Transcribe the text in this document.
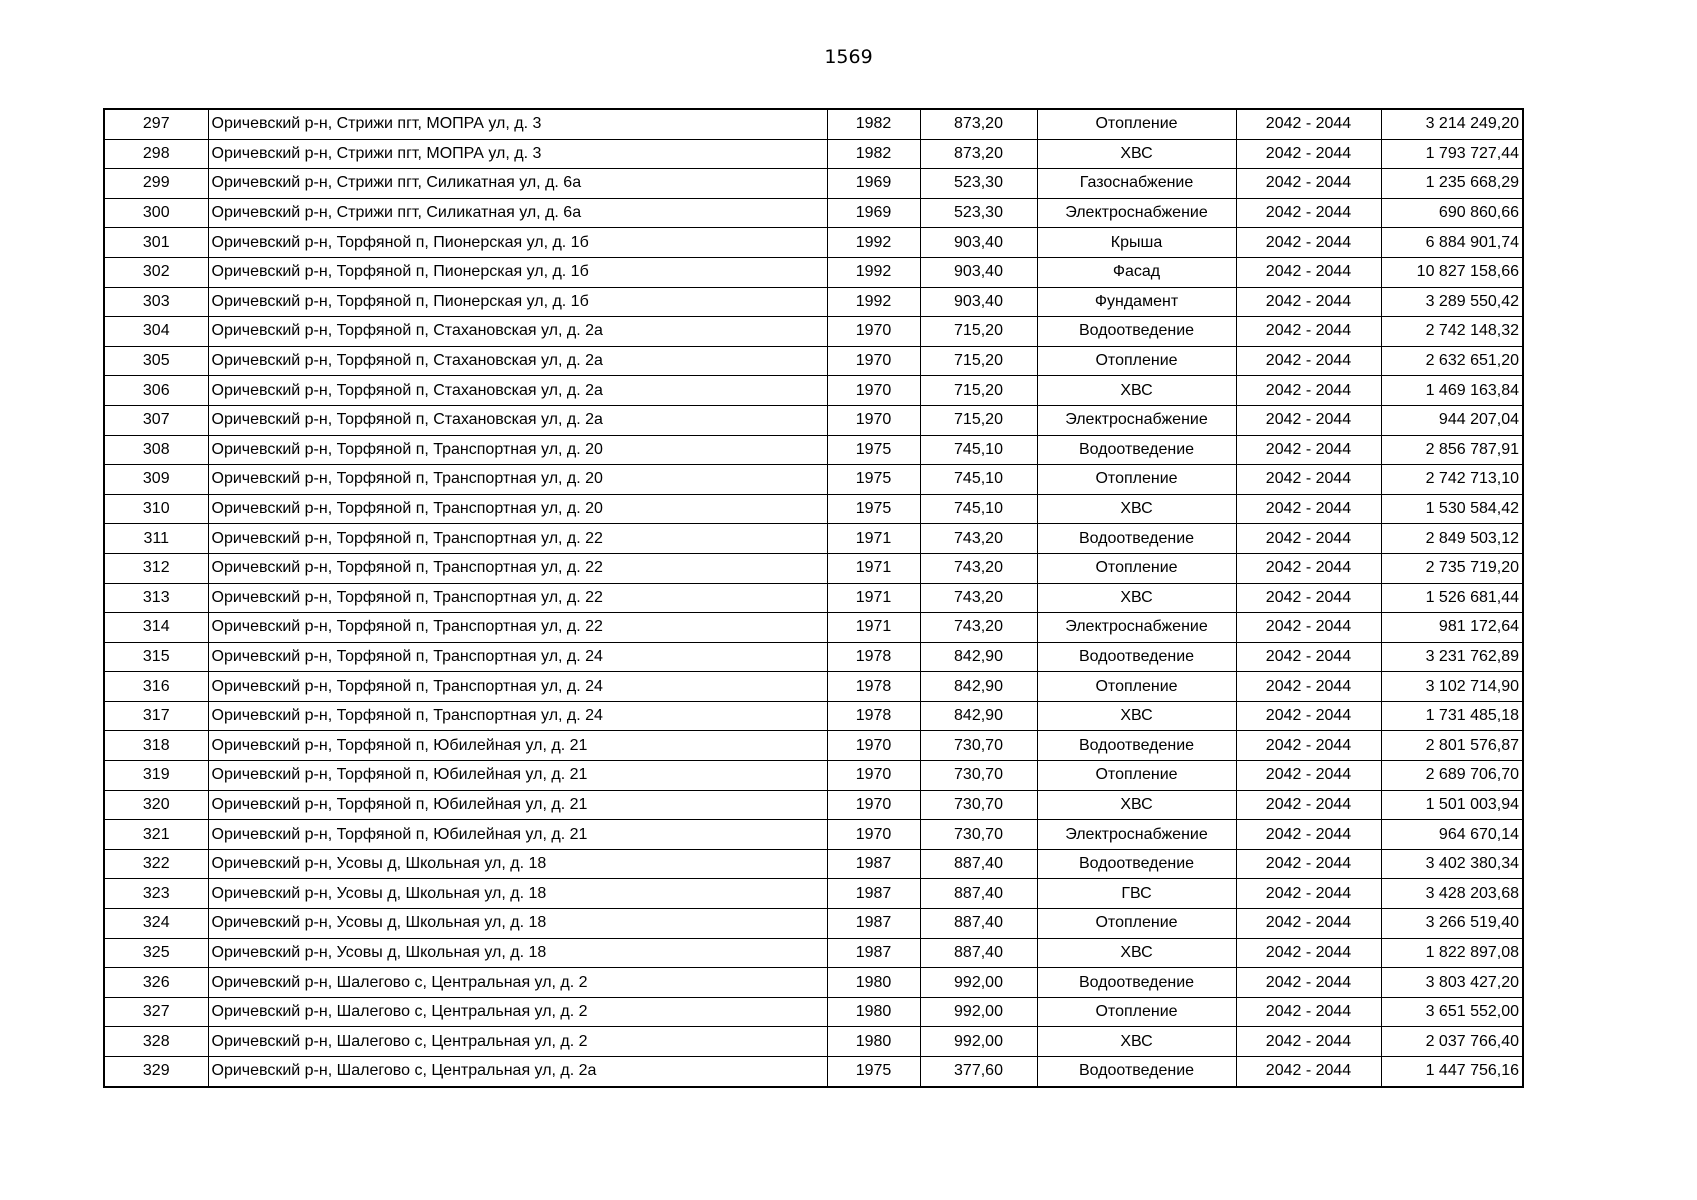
1569
297	Оричевский р-н, Стрижи пгт, МОПРА ул, д. 3	1982	873,20	Отопление	2042 - 2044	3 214 249,20
298	Оричевский р-н, Стрижи пгт, МОПРА ул, д. 3	1982	873,20	ХВС	2042 - 2044	1 793 727,44
299	Оричевский р-н, Стрижи пгт, Силикатная ул, д. 6а	1969	523,30	Газоснабжение	2042 - 2044	1 235 668,29
300	Оричевский р-н, Стрижи пгт, Силикатная ул, д. 6а	1969	523,30	Электроснабжение	2042 - 2044	690 860,66
301	Оричевский р-н, Торфяной п, Пионерская ул, д. 1б	1992	903,40	Крыша	2042 - 2044	6 884 901,74
302	Оричевский р-н, Торфяной п, Пионерская ул, д. 1б	1992	903,40	Фасад	2042 - 2044	10 827 158,66
303	Оричевский р-н, Торфяной п, Пионерская ул, д. 1б	1992	903,40	Фундамент	2042 - 2044	3 289 550,42
304	Оричевский р-н, Торфяной п, Стахановская ул, д. 2а	1970	715,20	Водоотведение	2042 - 2044	2 742 148,32
305	Оричевский р-н, Торфяной п, Стахановская ул, д. 2а	1970	715,20	Отопление	2042 - 2044	2 632 651,20
306	Оричевский р-н, Торфяной п, Стахановская ул, д. 2а	1970	715,20	ХВС	2042 - 2044	1 469 163,84
307	Оричевский р-н, Торфяной п, Стахановская ул, д. 2а	1970	715,20	Электроснабжение	2042 - 2044	944 207,04
308	Оричевский р-н, Торфяной п, Транспортная ул, д. 20	1975	745,10	Водоотведение	2042 - 2044	2 856 787,91
309	Оричевский р-н, Торфяной п, Транспортная ул, д. 20	1975	745,10	Отопление	2042 - 2044	2 742 713,10
310	Оричевский р-н, Торфяной п, Транспортная ул, д. 20	1975	745,10	ХВС	2042 - 2044	1 530 584,42
311	Оричевский р-н, Торфяной п, Транспортная ул, д. 22	1971	743,20	Водоотведение	2042 - 2044	2 849 503,12
312	Оричевский р-н, Торфяной п, Транспортная ул, д. 22	1971	743,20	Отопление	2042 - 2044	2 735 719,20
313	Оричевский р-н, Торфяной п, Транспортная ул, д. 22	1971	743,20	ХВС	2042 - 2044	1 526 681,44
314	Оричевский р-н, Торфяной п, Транспортная ул, д. 22	1971	743,20	Электроснабжение	2042 - 2044	981 172,64
315	Оричевский р-н, Торфяной п, Транспортная ул, д. 24	1978	842,90	Водоотведение	2042 - 2044	3 231 762,89
316	Оричевский р-н, Торфяной п, Транспортная ул, д. 24	1978	842,90	Отопление	2042 - 2044	3 102 714,90
317	Оричевский р-н, Торфяной п, Транспортная ул, д. 24	1978	842,90	ХВС	2042 - 2044	1 731 485,18
318	Оричевский р-н, Торфяной п, Юбилейная ул, д. 21	1970	730,70	Водоотведение	2042 - 2044	2 801 576,87
319	Оричевский р-н, Торфяной п, Юбилейная ул, д. 21	1970	730,70	Отопление	2042 - 2044	2 689 706,70
320	Оричевский р-н, Торфяной п, Юбилейная ул, д. 21	1970	730,70	ХВС	2042 - 2044	1 501 003,94
321	Оричевский р-н, Торфяной п, Юбилейная ул, д. 21	1970	730,70	Электроснабжение	2042 - 2044	964 670,14
322	Оричевский р-н, Усовы д, Школьная ул, д. 18	1987	887,40	Водоотведение	2042 - 2044	3 402 380,34
323	Оричевский р-н, Усовы д, Школьная ул, д. 18	1987	887,40	ГВС	2042 - 2044	3 428 203,68
324	Оричевский р-н, Усовы д, Школьная ул, д. 18	1987	887,40	Отопление	2042 - 2044	3 266 519,40
325	Оричевский р-н, Усовы д, Школьная ул, д. 18	1987	887,40	ХВС	2042 - 2044	1 822 897,08
326	Оричевский р-н, Шалегово с, Центральная ул, д. 2	1980	992,00	Водоотведение	2042 - 2044	3 803 427,20
327	Оричевский р-н, Шалегово с, Центральная ул, д. 2	1980	992,00	Отопление	2042 - 2044	3 651 552,00
328	Оричевский р-н, Шалегово с, Центральная ул, д. 2	1980	992,00	ХВС	2042 - 2044	2 037 766,40
329	Оричевский р-н, Шалегово с, Центральная ул, д. 2а	1975	377,60	Водоотведение	2042 - 2044	1 447 756,16
